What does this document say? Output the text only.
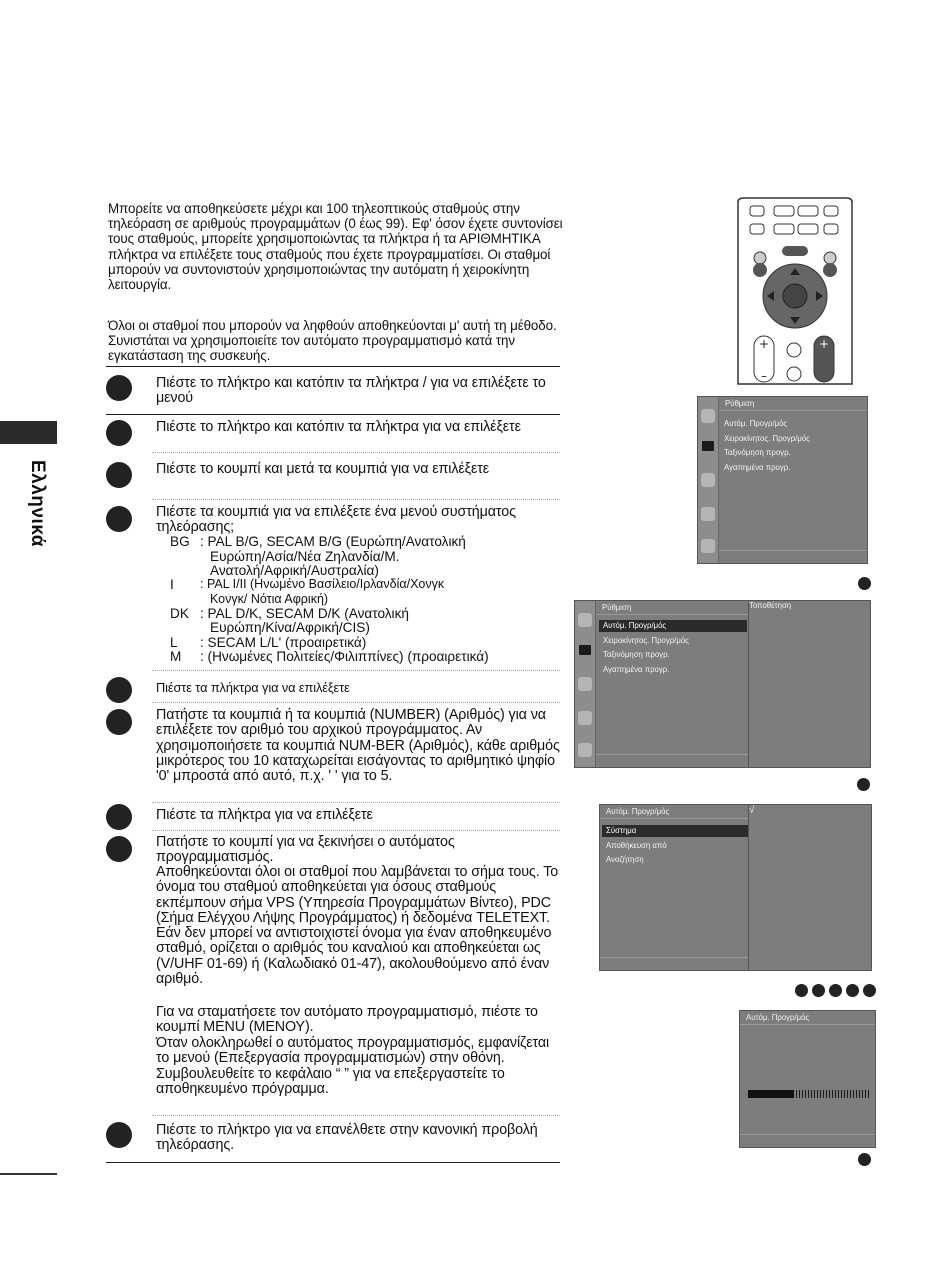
Ελληνικά
Μπορείτε να αποθηκεύσετε μέχρι και 100 τηλεοπτικούς σταθμούς στην τηλεόραση σε αριθμούς προγραμμάτων (0 έως 99). Εφ' όσον έχετε συντονίσει τους σταθμούς, μπορείτε χρησιμοποιώντας τα πλήκτρα ή τα ΑΡΙΘΜΗΤΙΚΑ πλήκτρα να επιλέξετε τους σταθμούς που έχετε προγραμματίσει. Οι σταθμοί μπορούν να συντονιστούν χρησιμοποιώντας την αυτόματη ή χειροκίνητη λειτουργία.
Όλοι οι σταθμοί που μπορούν να ληφθούν αποθηκεύονται μ' αυτή τη μέθοδο. Συνιστάται να χρησιμοποιείτε τον αυτόματο προγραμματισμό κατά την εγκατάσταση της συσκευής.
Πιέστε το πλήκτρο και κατόπιν τα πλήκτρα / για να επιλέξετε το μενού
Πιέστε το πλήκτρο και κατόπιν τα πλήκτρα για να επιλέξετε
Πιέστε το κουμπί και μετά τα κουμπιά για να επιλέξετε
Πιέστε τα κουμπιά για να επιλέξετε ένα μενού συστήματος τηλεόρασης;
BG : PAL B/G, SECAM B/G (Ευρώπη/Ανατολική
Ευρώπη/Ασία/Νέα Ζηλανδία/Μ.
Ανατολή/Αφρική/Αυστραλία)
I	: PAL I/II (Ηνωμένο Βασίλειο/Ιρλανδία/Χονγκ
Κονγκ/ Νότια Αφρική)
DK : PAL D/K, SECAM D/K (Ανατολική
Ευρώπη/Κίνα/Αφρική/CIS)
L	: SECAM L/L' (προαιρετικά)
M	: (Ηνωμένες Πολιτείες/Φιλιππίνες) (προαιρετικά)
Πιέστε τα πλήκτρα για να επιλέξετε
Πατήστε τα κουμπιά ή τα κουμπιά (NUMBER) (Αριθμός) για να επιλέξετε τον αριθμό του αρχικού προγράμματος. Αν χρησιμοποιήσετε τα κουμπιά NUM-BER (Αριθμός), κάθε αριθμός μικρότερος του 10 καταχωρείται εισάγοντας το αριθμητικό ψηφίο '0' μπροστά από αυτό, π.χ. ' ' για το 5.
Πιέστε τα πλήκτρα για να επιλέξετε
Πατήστε το κουμπί για να ξεκινήσει ο αυτόματος προγραμματισμός.
Αποθηκεύονται όλοι οι σταθμοί που λαμβάνεται το σήμα τους. Το όνομα του σταθμού αποθηκεύεται για όσους σταθμούς εκπέμπουν σήμα VPS (Υπηρεσία Προγραμμάτων Βίντεο), PDC (Σήμα Ελέγχου Λήψης Προγράμματος) ή δεδομένα TELETEXT. Εάν δεν μπορεί να αντιστοιχιστεί όνομα για έναν αποθηκευμένο σταθμό, ορίζεται ο αριθμός του καναλιού και αποθηκεύεται ως (V/UHF 01-69) ή (Καλωδιακό 01-47), ακολουθούμενο από έναν αριθμό.
Για να σταματήσετε τον αυτόματο προγραμματισμό, πιέστε το κουμπί MENU (ΜΕΝΟΥ).
Όταν ολοκληρωθεί ο αυτόματος προγραμματισμός, εμφανίζεται το μενού (Επεξεργασία προγραμματισμών) στην οθόνη. Συμβουλευθείτε το κεφάλαιο “ ” για να επεξεργαστείτε το αποθηκευμένο πρόγραμμα.
Πιέστε το πλήκτρο για να επανέλθετε στην κανονική προβολή τηλεόρασης.
+
–
+
Ρύθμιση
Αυτόμ. Προγρ/μός
Χειροκίνητος. Προγρ/μός
Ταξινόμηση προγρ.
Αγαπημένα προγρ.
Ρύθμιση
Αυτόμ. Προγρ/μός
Χειροκίνητος. Προγρ/μός
Ταξινόμηση προγρ.
Αγαπημένα προγρ.
Τοποθέτηση
Αυτόμ. Προγρ/μός
Σύστημα
Αποθήκευση από
Αναζήτηση
√
Αυτόμ. Προγρ/μός
